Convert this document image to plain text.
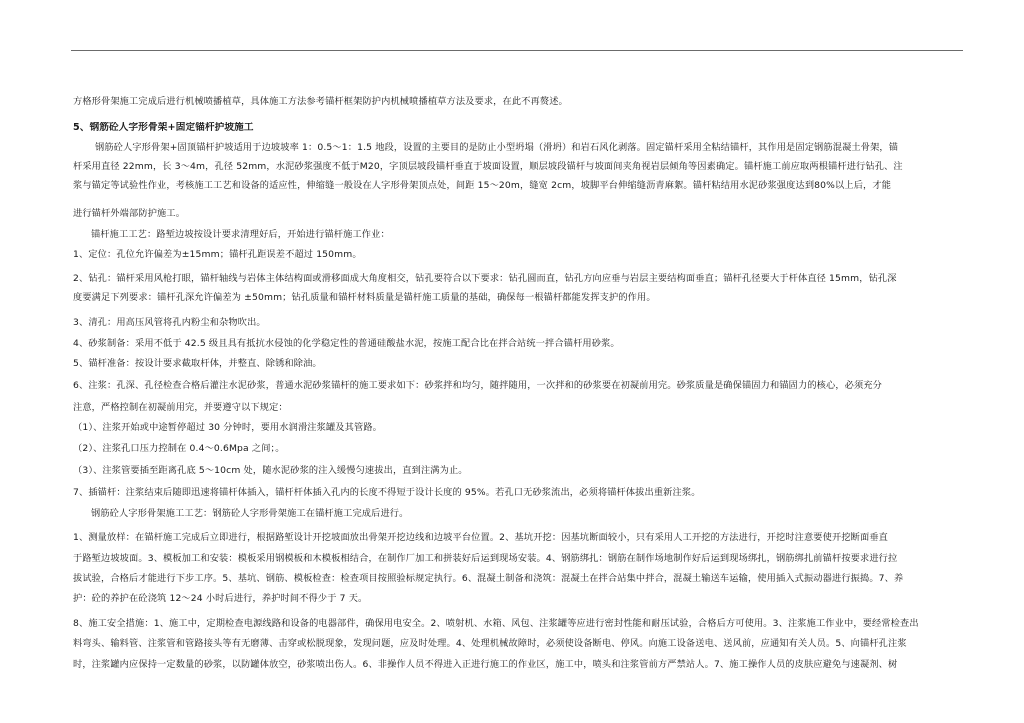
方格形骨架施工完成后进行机械喷播植草，具体施工方法参考锚杆框架防护内机械喷播植草方法及要求，在此不再赘述。
5、钢筋砼人字形骨架+固定锚杆护坡施工
钢筋砼人字形骨架+固顶锚杆护坡适用于边坡坡率 1：0.5～1：1.5 地段，设置的主要目的是防止小型坍塌（滑坍）和岩石风化剥落。固定锚杆采用全粘结锚杆，其作用是固定钢筋混凝土骨架，锚
杆采用直径 22mm，长 3～4m，孔径 52mm，水泥砂浆强度不低于M20，字顶层坡段锚杆垂直于坡面设置，顺层坡段锚杆与坡面间夹角视岩层倾角等因素确定。锚杆施工前应取两根锚杆进行钻孔、注
浆与锚定等试验性作业，考核施工工艺和设备的适应性，伸缩缝一般设在人字形骨架顶点处，间距 15～20m，缝宽 2cm，坡脚平台伸缩缝沥青麻絮。锚杆粘结用水泥砂浆强度达到80%以上后，才能
进行锚杆外端部防护施工。
锚杆施工工艺：路堑边坡按设计要求清理好后，开始进行锚杆施工作业：
1、定位：孔位允许偏差为±15mm；锚杆孔距误差不超过 150mm。
2、钻孔：锚杆采用风枪打眼，锚杆轴线与岩体主体结构面或滑移面成大角度相交，钻孔要符合以下要求：钻孔圆而直，钻孔方向应垂与岩层主要结构面垂直；锚杆孔径要大于杆体直径 15mm，钻孔深
度要满足下列要求：锚杆孔深允许偏差为 ±50mm；钻孔质量和锚杆材料质量是锚杆施工质量的基础，确保每一根锚杆都能发挥支护的作用。
3、清孔：用高压风管将孔内粉尘和杂物吹出。
4、砂浆制备：采用不低于 42.5 级且具有抵抗水侵蚀的化学稳定性的普通硅酸盐水泥，按施工配合比在拌合站统一拌合锚杆用砂浆。
5、锚杆准备：按设计要求截取杆体，并整直、除锈和除油。
6、注浆：孔深、孔径检查合格后灌注水泥砂浆，普通水泥砂浆锚杆的施工要求如下：砂浆拌和均匀，随拌随用，一次拌和的砂浆要在初凝前用完。砂浆质量是确保锚固力和锚固力的核心，必须充分
注意，严格控制在初凝前用完，并要遵守以下规定：
（1）、注浆开始或中途暂停超过 30 分钟时，要用水润滑注浆罐及其管路。
（2）、注浆孔口压力控制在 0.4～0.6Mpa 之间；。
（3）、注浆管要插至距离孔底 5～10cm 处，随水泥砂浆的注入缓慢匀速拔出，直到注满为止。
7、插锚杆：注浆结束后随即迅速将锚杆体插入，锚杆杆体插入孔内的长度不得短于设计长度的 95%。若孔口无砂浆流出，必须将锚杆体拔出重新注浆。
钢筋砼人字形骨架施工工艺：钢筋砼人字形骨架施工在锚杆施工完成后进行。
1、测量放样：在锚杆施工完成后立即进行，根据路堑设计开挖坡面放出骨架开挖边线和边坡平台位置。2、基坑开挖：因基坑断面较小，只有采用人工开挖的方法进行，开挖时注意要使开挖断面垂直
于路堑边坡坡面。3、模板加工和安装：模板采用钢模板和木模板相结合，在制作厂加工和拼装好后运到现场安装。4、钢筋绑扎：钢筋在制作场地制作好后运到现场绑扎，钢筋绑扎前锚杆按要求进行拉
拔试验，合格后才能进行下步工序。5、基坑、钢筋、模板检查：检查项目按照验标规定执行。6、混凝土制备和浇筑：混凝土在拌合站集中拌合，混凝土输送车运输，使用插入式振动器进行振捣。7、养
护：砼的养护在砼浇筑 12～24 小时后进行，养护时间不得少于 7 天。
8、施工安全措施：1、施工中，定期检查电源线路和设备的电器部件，确保用电安全。2、喷射机、水箱、风包、注浆罐等应进行密封性能和耐压试验，合格后方可使用。3、注浆施工作业中，要经常检查出
料弯头、输料管、注浆管和管路接头等有无磨薄、击穿或松脱现象，发现问题，应及时处理。4、处理机械故障时，必须使设备断电、停风。向施工设备送电、送风前，应通知有关人员。5、向锚杆孔注浆
时，注浆罐内应保持一定数量的砂浆，以防罐体放空，砂浆喷出伤人。6、非操作人员不得进入正进行施工的作业区，施工中，喷头和注浆管前方严禁站人。7、施工操作人员的皮肤应避免与速凝剂、树
